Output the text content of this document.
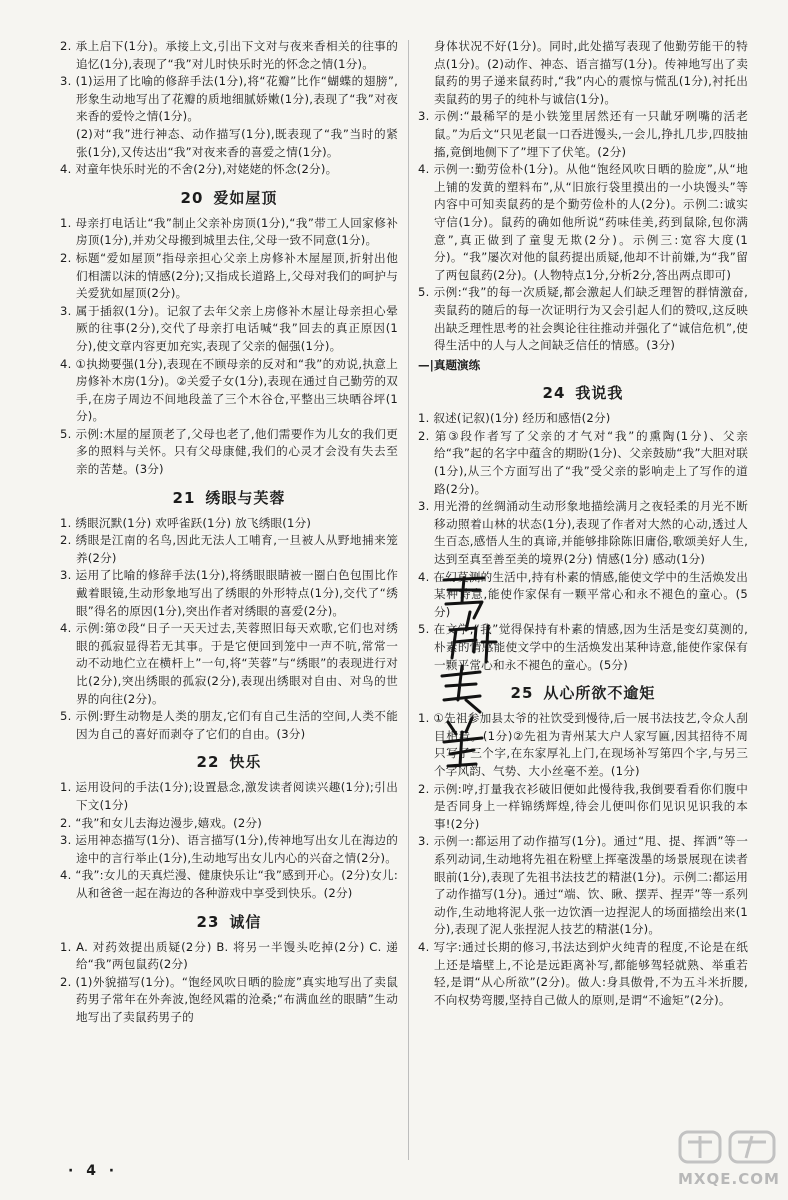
2. 承上启下(1分)。承接上文,引出下文对与夜来香相关的往事的追忆(1分),表现了“我”对儿时快乐时光的怀念之情(1分)。

3. (1)运用了比喻的修辞手法(1分),将“花瓣”比作“蝴蝶的翅膀”,形象生动地写出了花瓣的质地细腻娇嫩(1分),表现了“我”对夜来香的爱怜之情(1分)。

(2)对“我”进行神态、动作描写(1分),既表现了“我”当时的紧张(1分),又传达出“我”对夜来香的喜爱之情(1分)。

4. 对童年快乐时光的不舍(2分),对姥姥的怀念(2分)。

20 爱如屋顶

1. 母亲打电话让“我”制止父亲补房顶(1分),“我”带工人回家修补房顶(1分),并劝父母搬到城里去住,父母一致不同意(1分)。

2. 标题“爱如屋顶”指母亲担心父亲上房修补木屋屋顶,折射出他们相濡以沫的情感(2分);又指成长道路上,父母对我们的呵护与关爱犹如屋顶(2分)。

3. 属于插叙(1分)。记叙了去年父亲上房修补木屋让母亲担心晕厥的往事(2分),交代了母亲打电话喊“我”回去的真正原因(1分),使文章内容更加充实,表现了父亲的倔强(1分)。

4. ①执拗要强(1分),表现在不顾母亲的反对和“我”的劝说,执意上房修补木房(1分)。②关爱子女(1分),表现在通过自己勤劳的双手,在房子周边不间地段盖了三个木谷仓,平整出三块晒谷坪(1分)。

5. 示例:木屋的屋顶老了,父母也老了,他们需要作为儿女的我们更多的照料与关怀。只有父母康健,我们的心灵才会没有失去至亲的苦楚。(3分)

21 绣眼与芙蓉

1. 绣眼沉默(1分) 欢呼雀跃(1分) 放飞绣眼(1分)

2. 绣眼是江南的名鸟,因此无法人工哺育,一旦被人从野地捕来笼养(2分)

3. 运用了比喻的修辞手法(1分),将绣眼眼睛被一圈白色包围比作戴着眼镜,生动形象地写出了绣眼的外形特点(1分),交代了“绣眼”得名的原因(1分),突出作者对绣眼的喜爱(2分)。

4. 示例:第⑦段“日子一天天过去,芙蓉照旧每天欢歌,它们也对绣眼的孤寂显得若无其事。于是它便回到笼中一声不吭,常常一动不动地伫立在横杆上”一句,将“芙蓉”与“绣眼”的表现进行对比(2分),突出绣眼的孤寂(2分),表现出绣眼对自由、对鸟的世界的向往(2分)。

5. 示例:野生动物是人类的朋友,它们有自己生活的空间,人类不能因为自己的喜好而剥夺了它们的自由。(3分)

22 快乐

1. 运用设问的手法(1分);设置悬念,激发读者阅读兴趣(1分);引出下文(1分)

2. “我”和女儿去海边漫步,嬉戏。(2分)

3. 运用神态描写(1分)、语言描写(1分),传神地写出女儿在海边的途中的言行举止(1分),生动地写出女儿内心的兴奋之情(2分)。

4. “我”:女儿的天真烂漫、健康快乐让“我”感到开心。(2分)女儿:从和爸爸一起在海边的各种游戏中享受到快乐。(2分)

23 诚信

1. A. 对药效提出质疑(2分) B. 将另一半馒头吃掉(2分) C. 递给“我”两包鼠药(2分)

2. (1)外貌描写(1分)。“饱经风吹日晒的脸庞”真实地写出了卖鼠药男子常年在外奔波,饱经风霜的沧桑;“布满血丝的眼睛”生动地写出了卖鼠药男子的

· 4 ·

身体状况不好(1分)。同时,此处描写表现了他勤劳能干的特点(1分)。(2)动作、神态、语言描写(1分)。传神地写出了卖鼠药的男子递来鼠药时,“我”内心的震惊与慌乱(1分),衬托出卖鼠药的男子的纯朴与诚信(1分)。

3. 示例:“最稀罕的是小铁笼里居然还有一只龇牙咧嘴的活老鼠。”为后文“只见老鼠一口吞进馒头,一会儿,挣扎几步,四肢抽搐,竟倒地侧下了”埋下了伏笔。(2分)

4. 示例一:勤劳俭朴(1分)。从他“饱经风吹日晒的脸庞”,从“地上铺的发黄的塑料布”,从“旧旅行袋里摸出的一小块馒头”等内容中可知卖鼠药的是个勤劳俭朴的人(2分)。示例二:诚实守信(1分)。鼠药的确如他所说“药味佳美,药到鼠除,包你满意”,真正做到了童叟无欺(2分)。示例三:宽容大度(1分)。“我”屡次对他的鼠药提出质疑,他却不计前嫌,为“我”留了两包鼠药(2分)。(人物特点1分,分析2分,答出两点即可)

5. 示例:“我”的每一次质疑,都会激起人们缺乏理智的群情激奋,卖鼠药的随后的每一次证明行为又会引起人们的赞叹,这反映出缺乏理性思考的社会舆论往往推动并强化了“诚信危机”,使得生活中的人与人之间缺乏信任的情感。(3分)

—|真题演练
24 我说我

1. 叙述(记叙)(1分) 经历和感悟(2分)

2. 第③段作者写了父亲的才气对“我”的熏陶(1分)、父亲给“我”起的名字中蕴含的期盼(1分)、父亲鼓励“我”大胆对联(1分),从三个方面写出了“我”受父亲的影响走上了写作的道路(2分)。

3. 用光滑的丝绸涌动生动形象地描绘满月之夜轻柔的月光不断移动照着山林的状态(1分),表现了作者对大然的心动,透过人生百态,感悟人生的真谛,并能够排除陈旧庸俗,歌颂美好人生,达到至真至善至美的境界(2分) 情感(1分) 感动(1分)

4. 在幻莫测的生活中,持有朴素的情感,能使文学中的生活焕发出某种诗意,能使作家保有一颗平常心和永不褪色的童心。(5分)

5. 在文学,“我”觉得保持有朴素的情感,因为生活是变幻莫测的,朴素的情感能使文学中的生活焕发出某种诗意,能使作家保有一颗平常心和永不褪色的童心。(5分)

25 从心所欲不逾矩

1. ①先祖参加县太爷的社饮受到慢待,后一展书法技艺,令众人刮目相看。(1分)②先祖为青州某大户人家写匾,因其招待不周只写了三个字,在东家厚礼上门,在现场补写第四个字,与另三个字风韵、气势、大小丝毫不差。(1分)

2. 示例:哼,打量我衣衫破旧便如此慢待我,我倒要看看你们腹中是否同身上一样锦绣辉煌,待会儿便叫你们见识见识我的本事!(2分)

3. 示例一:都运用了动作描写(1分)。通过“甩、提、挥洒”等一系列动词,生动地将先祖在粉壁上挥毫泼墨的场景展现在读者眼前(1分),表现了先祖书法技艺的精湛(1分)。示例二:都运用了动作描写(1分)。通过“端、饮、瞅、摆弄、捏弄”等一系列动作,生动地将泥人张一边饮酒一边捏泥人的场面描绘出来(1分),表现了泥人张捏泥人技艺的精湛(1分)。

4. 写字:通过长期的修习,书法达到炉火纯青的程度,不论是在纸上还是墙壁上,不论是远距离补写,都能够驾轻就熟、举重若轻,是谓“从心所欲”(2分)。做人:身具傲骨,不为五斗米折腰,不向权势弯腰,坚持自己做人的原则,是谓“不逾矩”(2分)。

MXQE.COM
